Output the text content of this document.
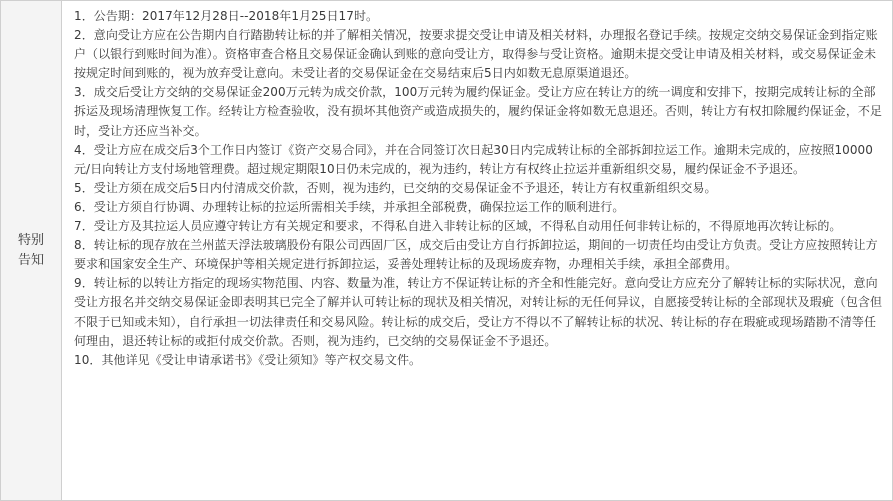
特别告知

1．公告期：2017年12月28日--2018年1月25日17时。

2．意向受让方应在公告期内自行踏勘转让标的并了解相关情况，按要求提交受让申请及相关材料，办理报名登记手续。按规定交纳交易保证金到指定账户（以银行到账时间为准）。资格审查合格且交易保证金确认到账的意向受让方，取得参与受让资格。逾期未提交受让申请及相关材料，或交易保证金未按规定时间到账的，视为放弃受让意向。未受让者的交易保证金在交易结束后5日内如数无息原渠道退还。

3．成交后受让方交纳的交易保证金200万元转为成交价款，100万元转为履约保证金。受让方应在转让方的统一调度和安排下，按期完成转让标的全部拆运及现场清理恢复工作。经转让方检查验收，没有损坏其他资产或造成损失的，履约保证金将如数无息退还。否则，转让方有权扣除履约保证金，不足时，受让方还应当补交。

4．受让方应在成交后3个工作日内签订《资产交易合同》，并在合同签订次日起30日内完成转让标的全部拆卸拉运工作。逾期未完成的，应按照10000元/日向转让方支付场地管理费。超过规定期限10日仍未完成的，视为违约，转让方有权终止拉运并重新组织交易，履约保证金不予退还。

5．受让方须在成交后5日内付清成交价款，否则，视为违约，已交纳的交易保证金不予退还，转让方有权重新组织交易。

6．受让方须自行协调、办理转让标的拉运所需相关手续，并承担全部税费，确保拉运工作的顺利进行。

7．受让方及其拉运人员应遵守转让方有关规定和要求，不得私自进入非转让标的区域，不得私自动用任何非转让标的，不得原地再次转让标的。

8．转让标的现存放在兰州蓝天浮法玻璃股份有限公司西固厂区，成交后由受让方自行拆卸拉运，期间的一切责任均由受让方负责。受让方应按照转让方要求和国家安全生产、环境保护等相关规定进行拆卸拉运，妥善处理转让标的及现场废弃物，办理相关手续，承担全部费用。

9．转让标的以转让方指定的现场实物范围、内容、数量为准，转让方不保证转让标的齐全和性能完好。意向受让方应充分了解转让标的实际状况，意向受让方报名并交纳交易保证金即表明其已完全了解并认可转让标的现状及相关情况，对转让标的无任何异议，自愿接受转让标的全部现状及瑕疵（包含但不限于已知或未知），自行承担一切法律责任和交易风险。转让标的成交后，受让方不得以不了解转让标的状况、转让标的存在瑕疵或现场踏勘不清等任何理由，退还转让标的或拒付成交价款。否则，视为违约，已交纳的交易保证金不予退还。

10．其他详见《受让申请承诺书》《受让须知》等产权交易文件。
